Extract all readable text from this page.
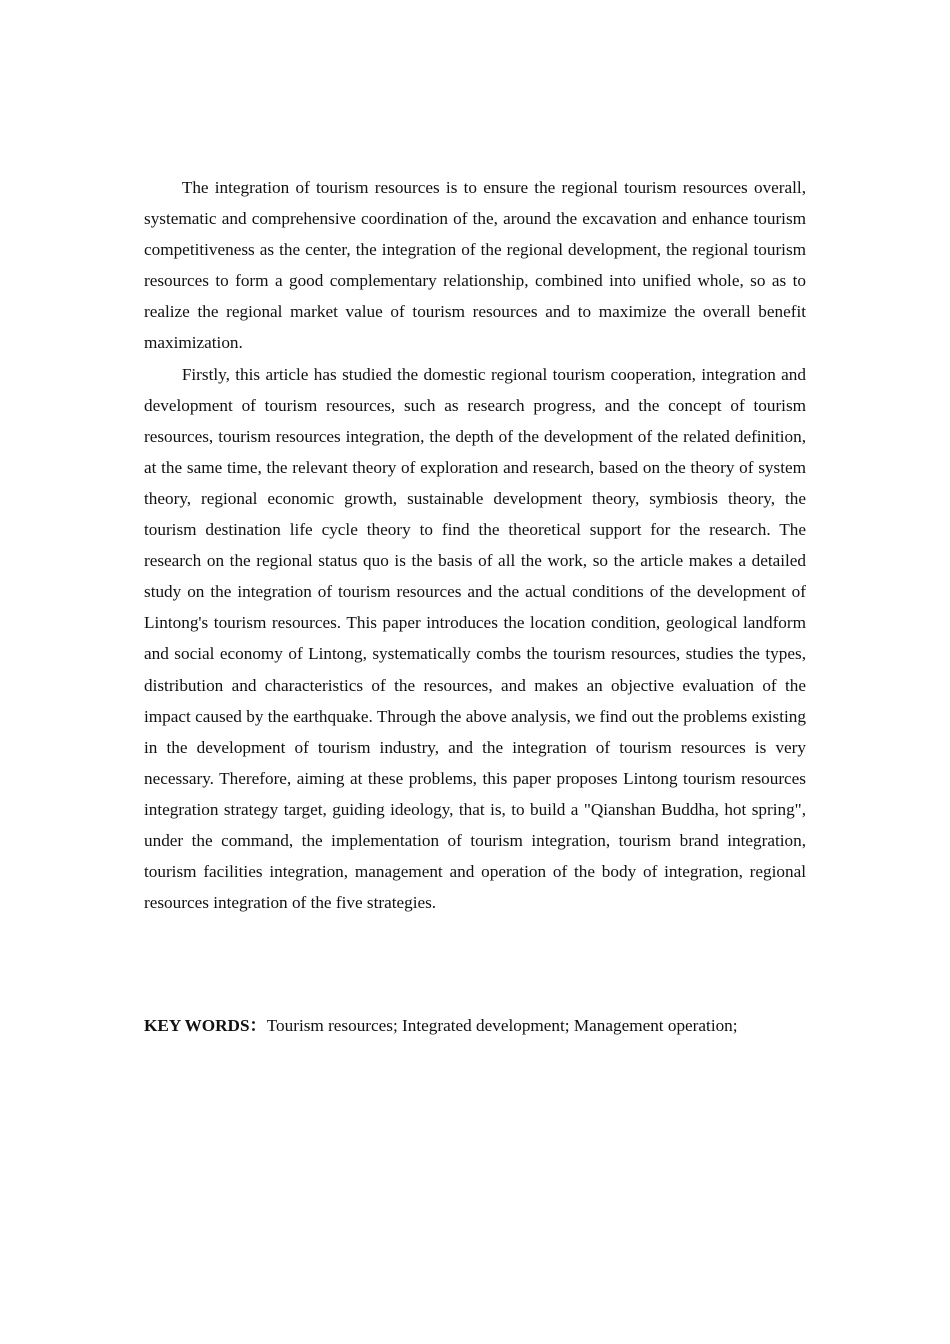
The integration of tourism resources is to ensure the regional tourism resources overall, systematic and comprehensive coordination of the, around the excavation and enhance tourism competitiveness as the center, the integration of the regional development, the regional tourism resources to form a good complementary relationship, combined into unified whole, so as to realize the regional market value of tourism resources and to maximize the overall benefit maximization.

Firstly, this article has studied the domestic regional tourism cooperation, integration and development of tourism resources, such as research progress, and the concept of tourism resources, tourism resources integration, the depth of the development of the related definition, at the same time, the relevant theory of exploration and research, based on the theory of system theory, regional economic growth, sustainable development theory, symbiosis theory, the tourism destination life cycle theory to find the theoretical support for the research. The research on the regional status quo is the basis of all the work, so the article makes a detailed study on the integration of tourism resources and the actual conditions of the development of Lintong's tourism resources. This paper introduces the location condition, geological landform and social economy of Lintong, systematically combs the tourism resources, studies the types, distribution and characteristics of the resources, and makes an objective evaluation of the impact caused by the earthquake. Through the above analysis, we find out the problems existing in the development of tourism industry, and the integration of tourism resources is very necessary. Therefore, aiming at these problems, this paper proposes Lintong tourism resources integration strategy target, guiding ideology, that is, to build a "Qianshan Buddha, hot spring", under the command, the implementation of tourism integration, tourism brand integration, tourism facilities integration, management and operation of the body of integration, regional resources integration of the five strategies.

KEY WORDS：Tourism resources; Integrated development; Management operation;
